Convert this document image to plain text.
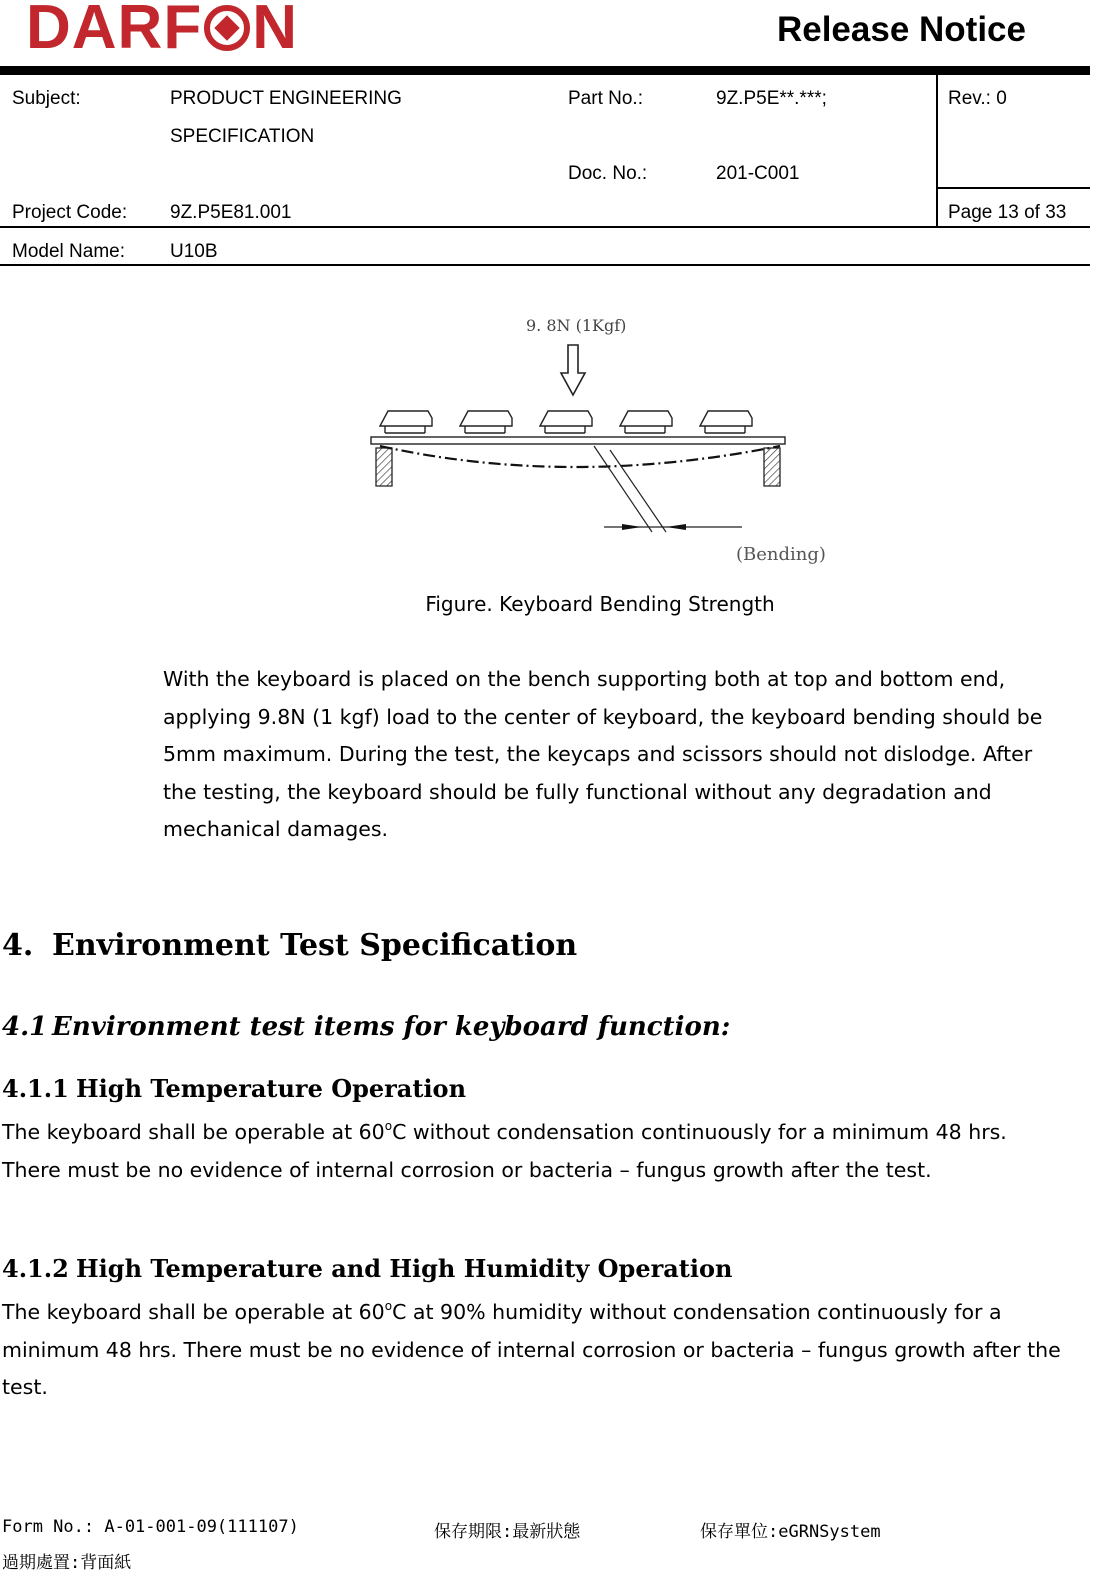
DARF N	Release Notice
Subject:	PRODUCT ENGINEERING
SPECIFICATION
Part No.:	9Z.P5E**.***;
Doc. No.:	201-C001
Rev.: 0
Project Code: 9Z.P5E81.001	Page 13 of 33
Model Name: U10B
9. 8N (1Kgf)
(Bending)
Figure. Keyboard Bending Strength
With the keyboard is placed on the bench supporting both at top and bottom end,
applying 9.8N (1 kgf) load to the center of keyboard, the keyboard bending should be
5mm maximum. During the test, the keycaps and scissors should not dislodge. After
the testing, the keyboard should be fully functional without any degradation and
mechanical damages.
4. Environment Test Specification
4.1 Environment test items for keyboard function:
4.1.1 High Temperature Operation
The keyboard shall be operable at 60$^o$C without condensation continuously for a minimum 48 hrs.
There must be no evidence of internal corrosion or bacteria – fungus growth after the test.
4.1.2 High Temperature and High Humidity Operation
The keyboard shall be operable at 60$^o$C at 90% humidity without condensation continuously for a
minimum 48 hrs. There must be no evidence of internal corrosion or bacteria – fungus growth after the
test.
Form No.: A-01-001-09(111107)	保存期限:最新狀態	保存單位:eGRNSystem
過期處置:背面紙
